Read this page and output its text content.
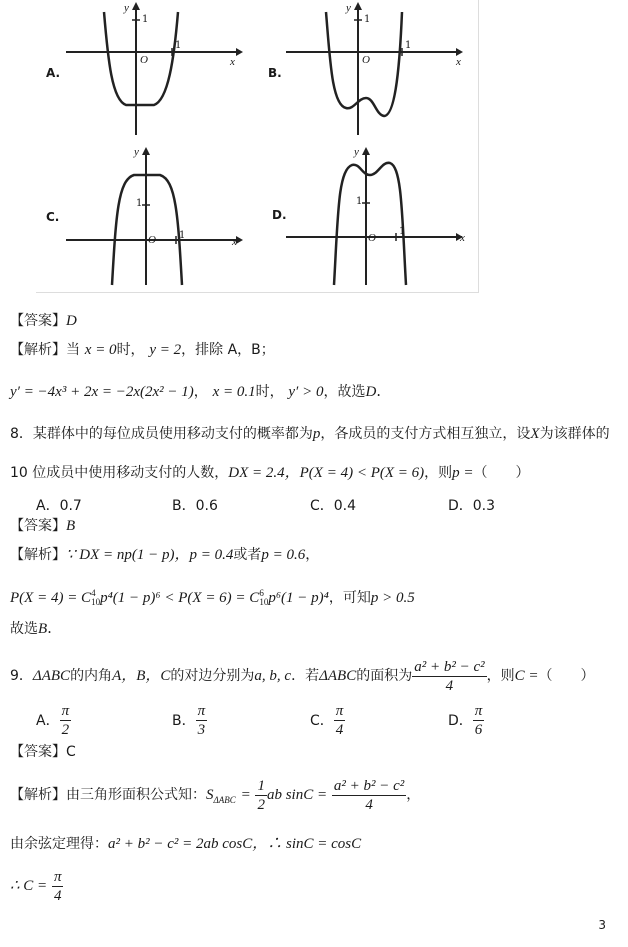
A.
x
y
O
1
1
B.
x
y
O
1
1
C.
x
y
O 1
1
D.
x
y
O
1
1
【答案】D
【解析】当 x = 0时， y = 2，排除 A，B；
y′ = −4x³ + 2x = −2x(2x² − 1)， x = 0.1时， y′ > 0，故选D.
8．某群体中的每位成员使用移动支付的概率都为p，各成员的支付方式相互独立，设X为该群体的
10 位成员中使用移动支付的人数，DX = 2.4，P(X = 4) < P(X = 6)，则p =（　　）
A．0.7	B．0.6	C．0.4	D．0.3
【答案】B
【解析】∵ DX = np(1 − p)，p = 0.4或者p = 0.6，
P(X = 4) = C 4
10 p⁴(1 − p)⁶ < P(X = 6) = C 6
10 p⁶(1 − p)⁴，可知p > 0.5
故选B.
9．ΔABC的内角A，B，C的对边分别为a, b, c．若ΔABC的面积为 $\frac{\text{a² + b² − c²}}{4}$ ，则C =（　　）
A． $\frac{\pi}{2}$	B． $\frac{\pi}{3}$	C． $\frac{\pi}{4}$	D． $\frac{\pi}{6}$
【答案】C
【解析】由三角形面积公式知：$S_{\Delta ABC} = \frac{1}{2}$ ab $\sin C = \frac{\text{a² + b² − c²}}{4}$ ，
由余弦定理得：a² + b² − c² = 2ab cosC，∴ sinC = cosC
∴ $C = \frac{\pi}{4}$
3
